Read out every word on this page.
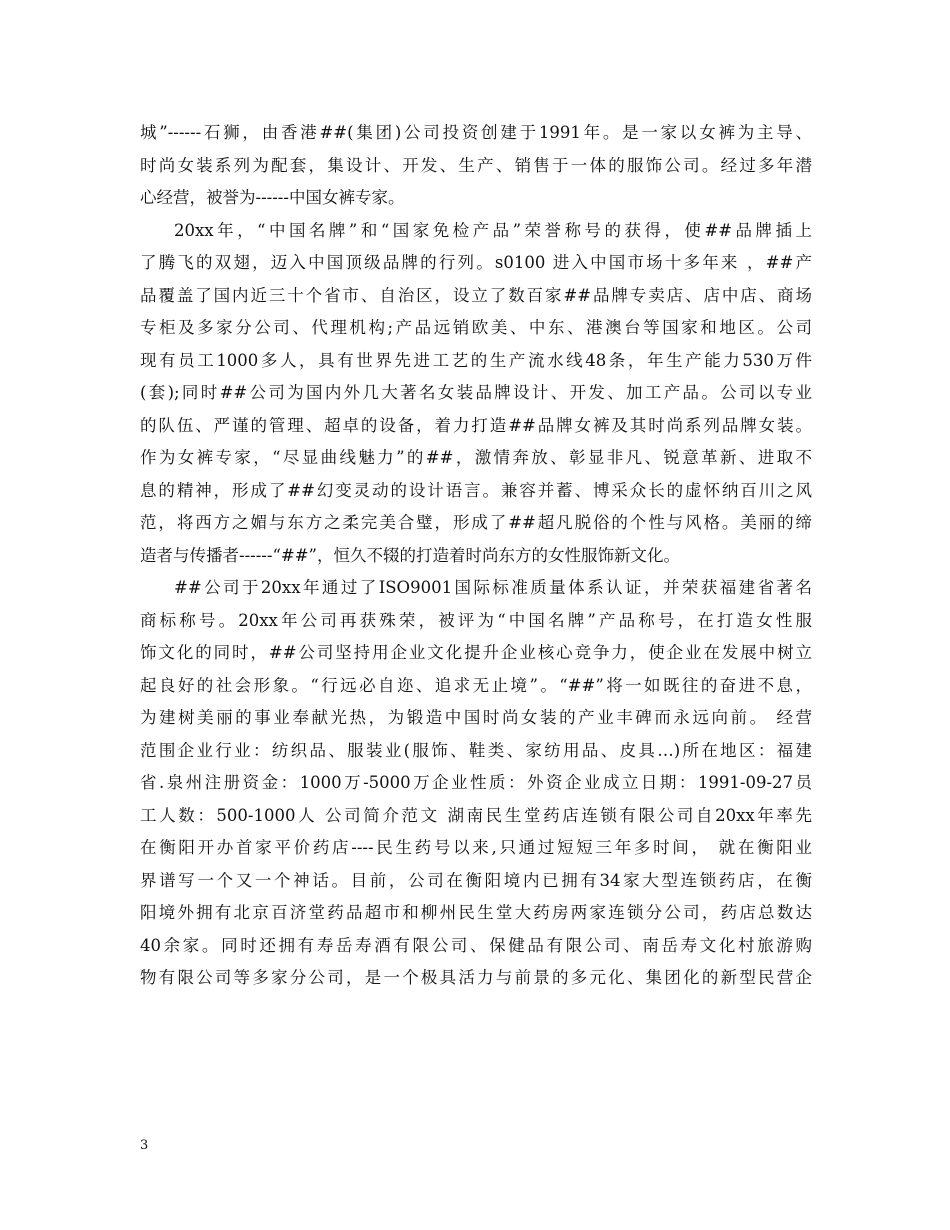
城”------石狮，由香港##(集团)公司投资创建于1991年。是一家以女裤为主导、
时尚女装系列为配套，集设计、开发、生产、销售于一体的服饰公司。经过多年潜
心经营，被誉为------中国女裤专家。
20xx年，“中国名牌”和“国家免检产品”荣誉称号的获得，使##品牌插上
了腾飞的双翅，迈入中国顶级品牌的行列。s0100 进入中国市场十多年来 ，##产
品覆盖了国内近三十个省市、自治区，设立了数百家##品牌专卖店、店中店、商场
专柜及多家分公司、代理机构;产品远销欧美、中东、港澳台等国家和地区。公司
现有员工1000多人，具有世界先进工艺的生产流水线48条，年生产能力530万件
(套);同时##公司为国内外几大著名女装品牌设计、开发、加工产品。公司以专业
的队伍、严谨的管理、超卓的设备，着力打造##品牌女裤及其时尚系列品牌女装。
作为女裤专家，“尽显曲线魅力”的##，激情奔放、彰显非凡、锐意革新、进取不
息的精神，形成了##幻变灵动的设计语言。兼容并蓄、博采众长的虚怀纳百川之风
范，将西方之媚与东方之柔完美合璧，形成了##超凡脱俗的个性与风格。美丽的缔
造者与传播者------“##”，恒久不辍的打造着时尚东方的女性服饰新文化。
##公司于20xx年通过了ISO9001国际标准质量体系认证，并荣获福建省著名
商标称号。20xx年公司再获殊荣，被评为“中国名牌”产品称号，在打造女性服
饰文化的同时，##公司坚持用企业文化提升企业核心竞争力，使企业在发展中树立
起良好的社会形象。“行远必自迩、追求无止境”。“##”将一如既往的奋进不息，
为建树美丽的事业奉献光热，为锻造中国时尚女装的产业丰碑而永远向前。 经营
范围企业行业：纺织品、服装业(服饰、鞋类、家纺用品、皮具…)所在地区：福建
省.泉州注册资金：1000万-5000万企业性质：外资企业成立日期：1991-09-27员
工人数：500-1000人 公司简介范文 湖南民生堂药店连锁有限公司自20xx年率先
在衡阳开办首家平价药店----民生药号以来,只通过短短三年多时间， 就在衡阳业
界谱写一个又一个神话。目前，公司在衡阳境内已拥有34家大型连锁药店，在衡
阳境外拥有北京百济堂药品超市和柳州民生堂大药房两家连锁分公司，药店总数达
40余家。同时还拥有寿岳寿酒有限公司、保健品有限公司、南岳寿文化村旅游购
物有限公司等多家分公司，是一个极具活力与前景的多元化、集团化的新型民营企
3
